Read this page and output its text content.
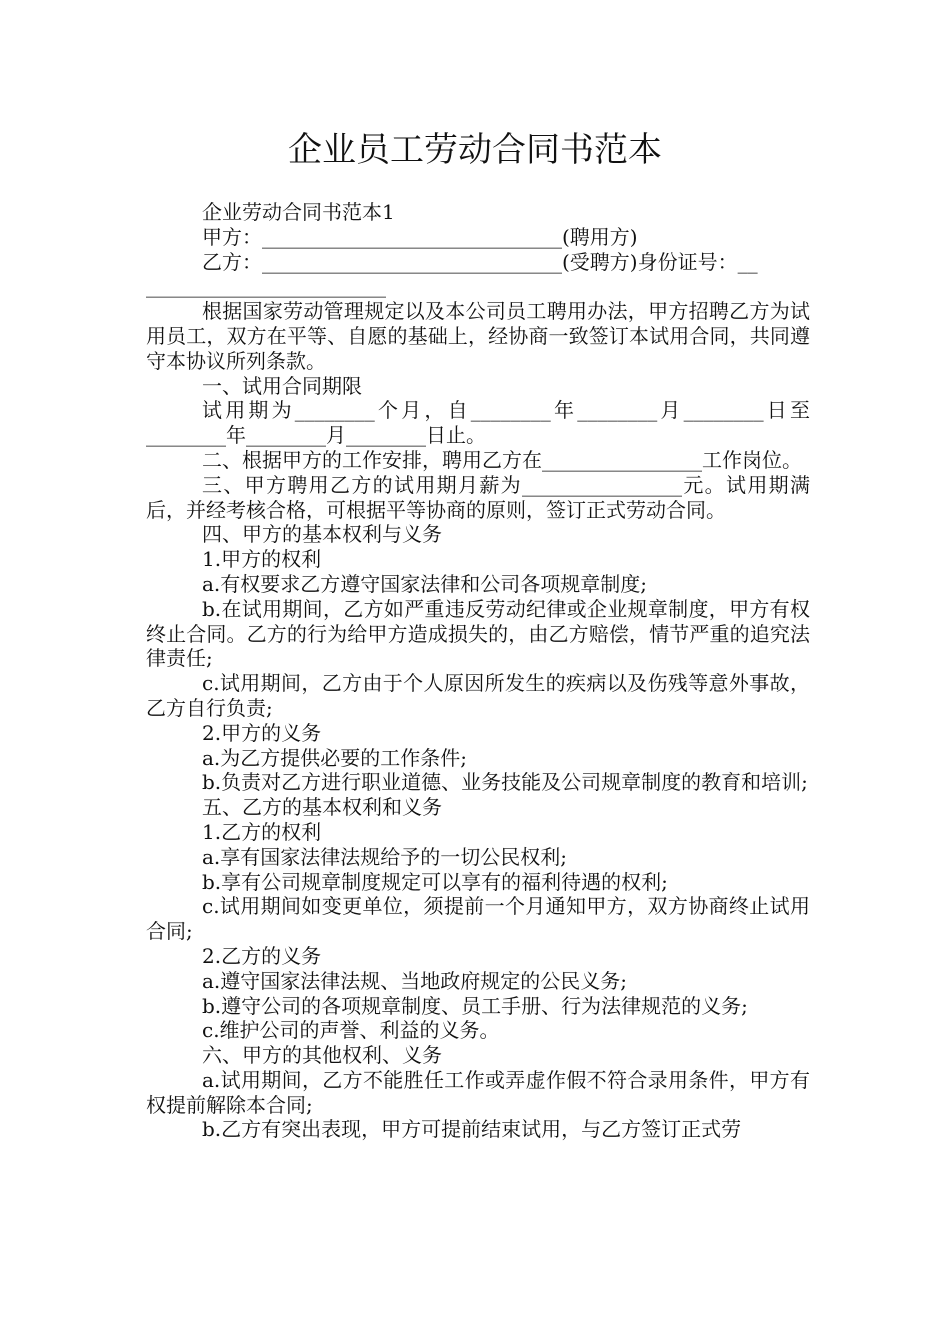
企业员工劳动合同书范本

企业劳动合同书范本1

甲方：______________________________(聘用方)

乙方：______________________________(受聘方)身份证号：__

________________________

根据国家劳动管理规定以及本公司员工聘用办法，甲方招聘乙方为试用员工，双方在平等、自愿的基础上，经协商一致签订本试用合同，共同遵守本协议所列条款。

一、试用合同期限

试用期为________个月，自________年________月________日至________年________月________日止。

二、根据甲方的工作安排，聘用乙方在________________工作岗位。

三、甲方聘用乙方的试用期月薪为________________元。试用期满后，并经考核合格，可根据平等协商的原则，签订正式劳动合同。

四、甲方的基本权利与义务

1.甲方的权利

a.有权要求乙方遵守国家法律和公司各项规章制度;

b.在试用期间，乙方如严重违反劳动纪律或企业规章制度，甲方有权终止合同。乙方的行为给甲方造成损失的，由乙方赔偿，情节严重的追究法律责任;

c.试用期间，乙方由于个人原因所发生的疾病以及伤残等意外事故，乙方自行负责;

2.甲方的义务

a.为乙方提供必要的工作条件;

b.负责对乙方进行职业道德、业务技能及公司规章制度的教育和培训;

五、乙方的基本权利和义务

1.乙方的权利

a.享有国家法律法规给予的一切公民权利;

b.享有公司规章制度规定可以享有的福利待遇的权利;

c.试用期间如变更单位，须提前一个月通知甲方，双方协商终止试用合同;

2.乙方的义务

a.遵守国家法律法规、当地政府规定的公民义务;

b.遵守公司的各项规章制度、员工手册、行为法律规范的义务;

c.维护公司的声誉、利益的义务。

六、甲方的其他权利、义务

a.试用期间，乙方不能胜任工作或弄虚作假不符合录用条件，甲方有权提前解除本合同;

b.乙方有突出表现，甲方可提前结束试用，与乙方签订正式劳
